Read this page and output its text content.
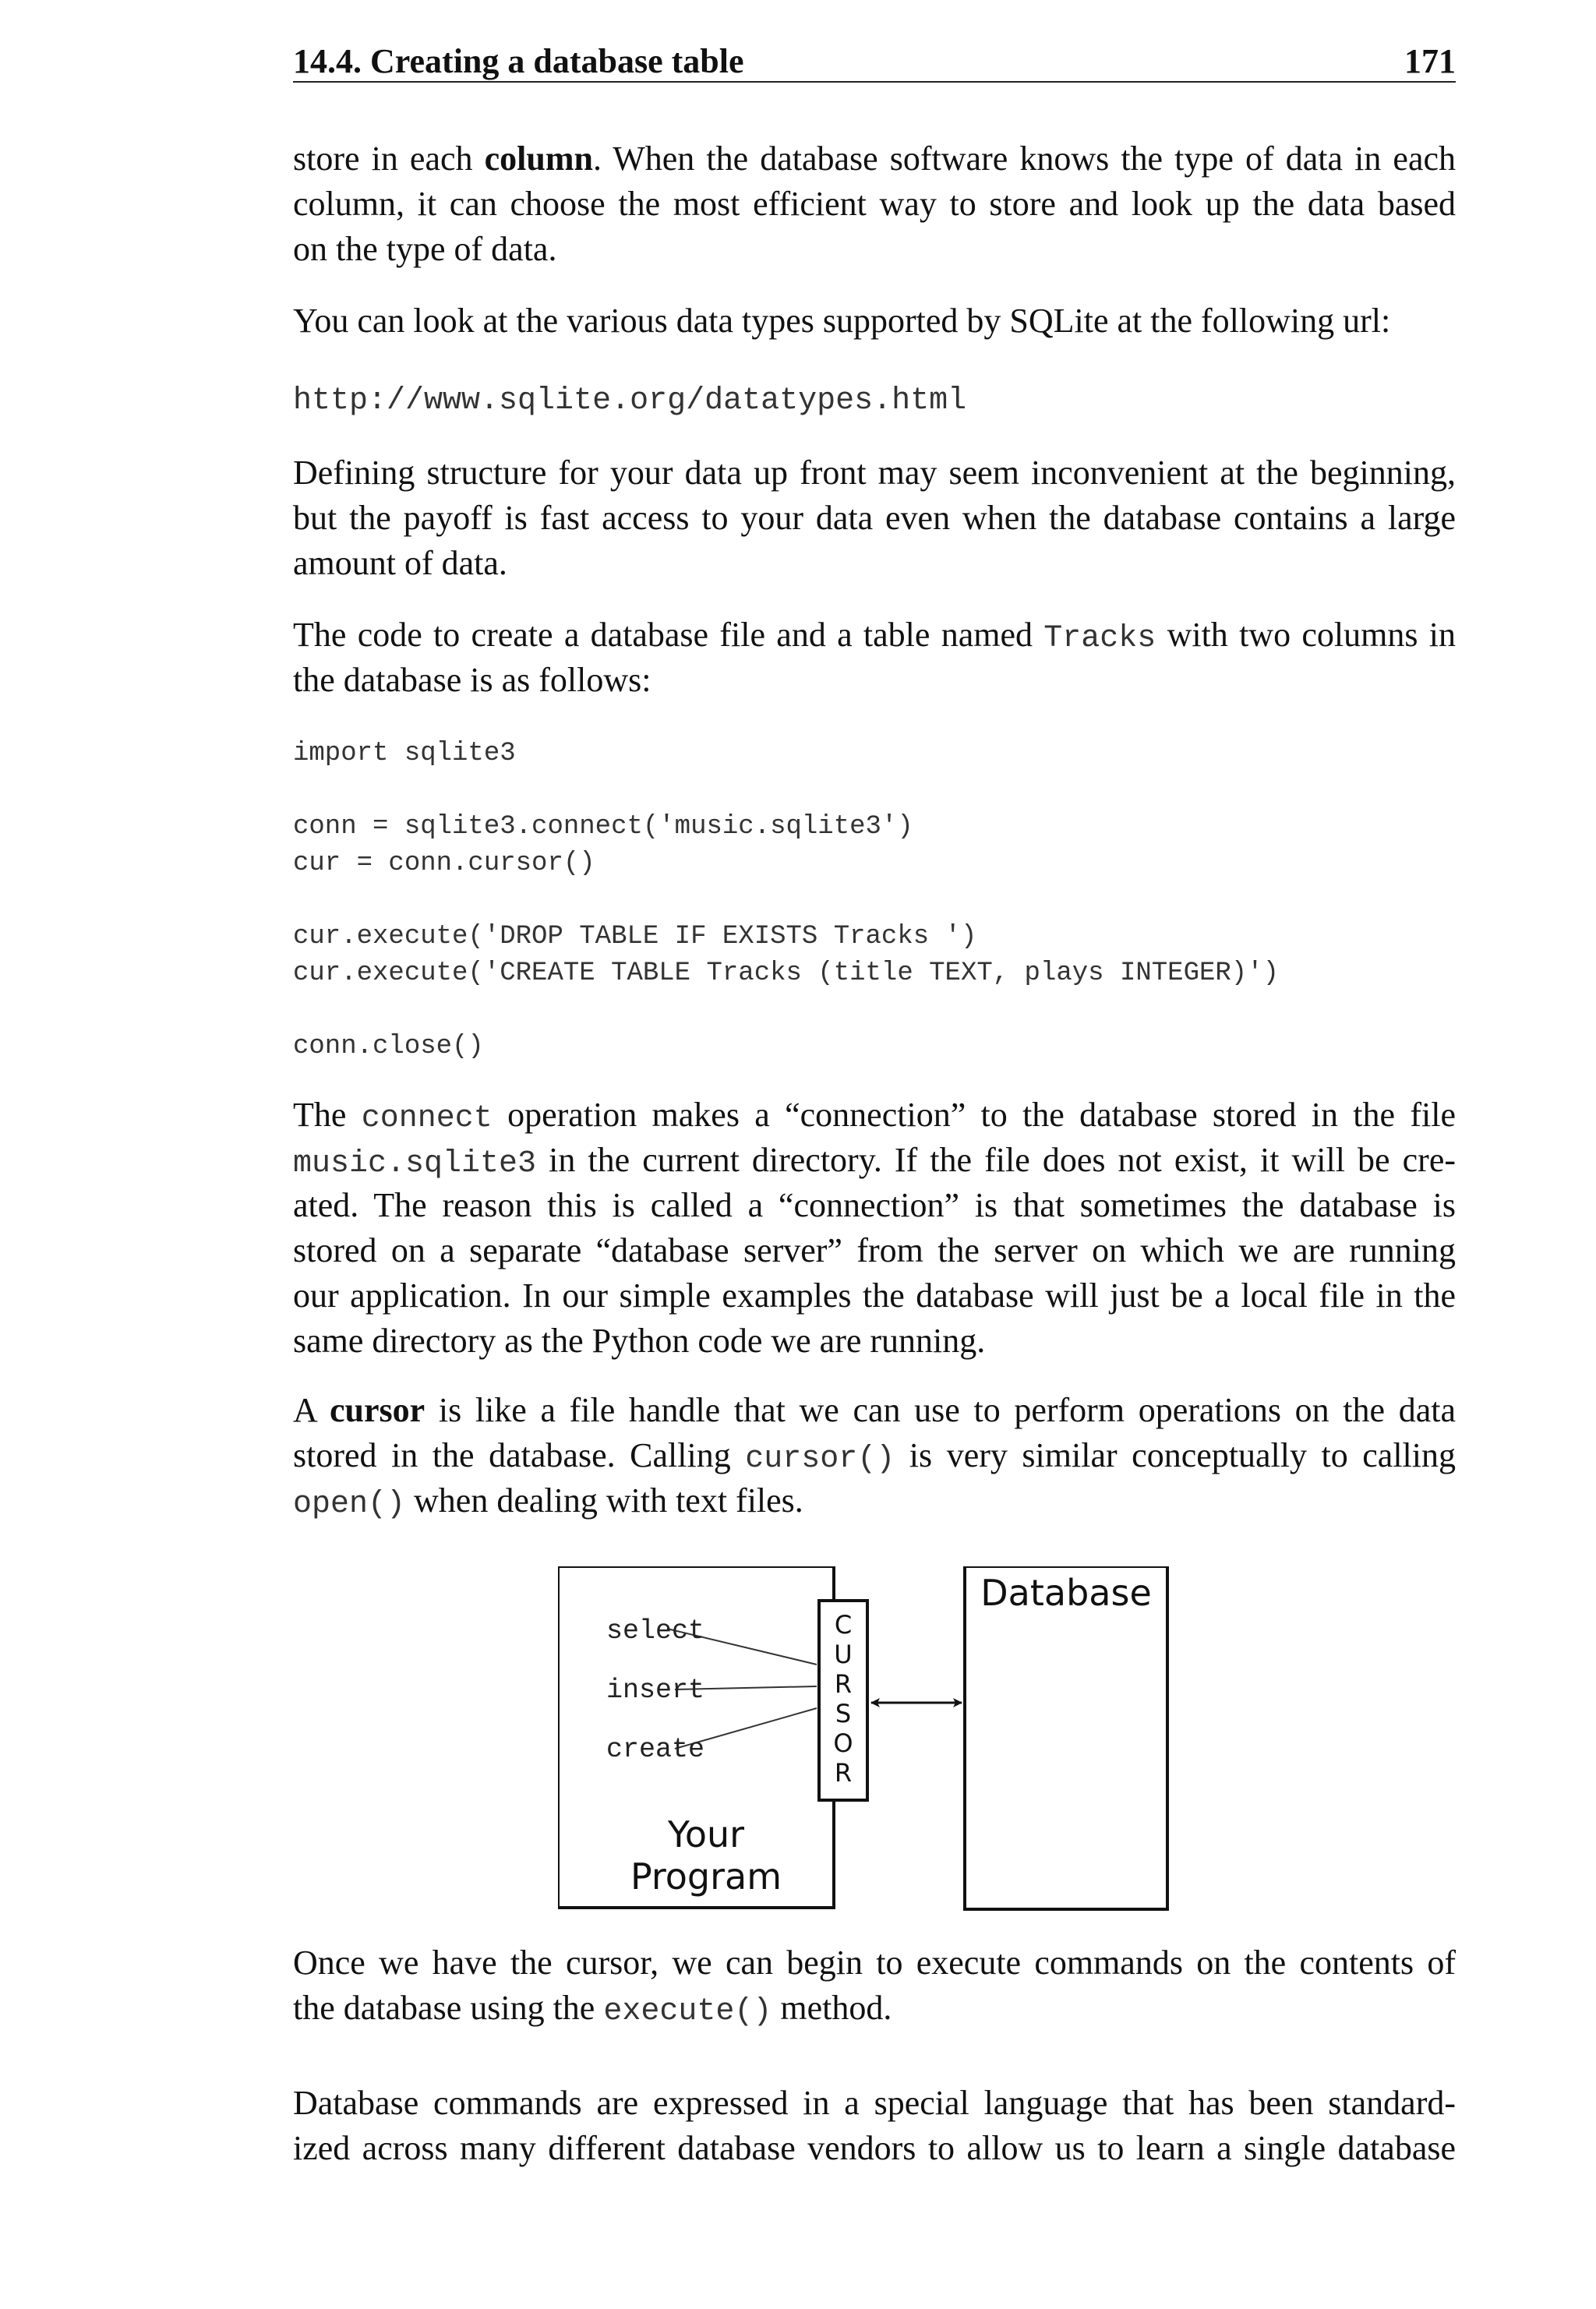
14.4. Creating a database table	171
store in each column. When the database software knows the type of data in each
column, it can choose the most efficient way to store and look up the data based
on the type of data.
You can look at the various data types supported by SQLite at the following url:
http://www.sqlite.org/datatypes.html
Defining structure for your data up front may seem inconvenient at the beginning,
but the payoff is fast access to your data even when the database contains a large
amount of data.
The code to create a database file and a table named Tracks with two columns in
the database is as follows:
import sqlite3
conn = sqlite3.connect('music.sqlite3')
cur = conn.cursor()
cur.execute('DROP TABLE IF EXISTS Tracks ')
cur.execute('CREATE TABLE Tracks (title TEXT, plays INTEGER)')
conn.close()
The connect operation makes a “connection” to the database stored in the file
music.sqlite3 in the current directory. If the file does not exist, it will be cre-
ated. The reason this is called a “connection” is that sometimes the database is
stored on a separate “database server” from the server on which we are running
our application. In our simple examples the database will just be a local file in the
same directory as the Python code we are running.
A cursor is like a file handle that we can use to perform operations on the data
stored in the database. Calling cursor() is very similar conceptually to calling
open() when dealing with text files.
select
insert
create
C
U
R
S
O
R
Database
Your
Program
Once we have the cursor, we can begin to execute commands on the contents of
the database using the execute() method.
Database commands are expressed in a special language that has been standard-
ized across many different database vendors to allow us to learn a single database
